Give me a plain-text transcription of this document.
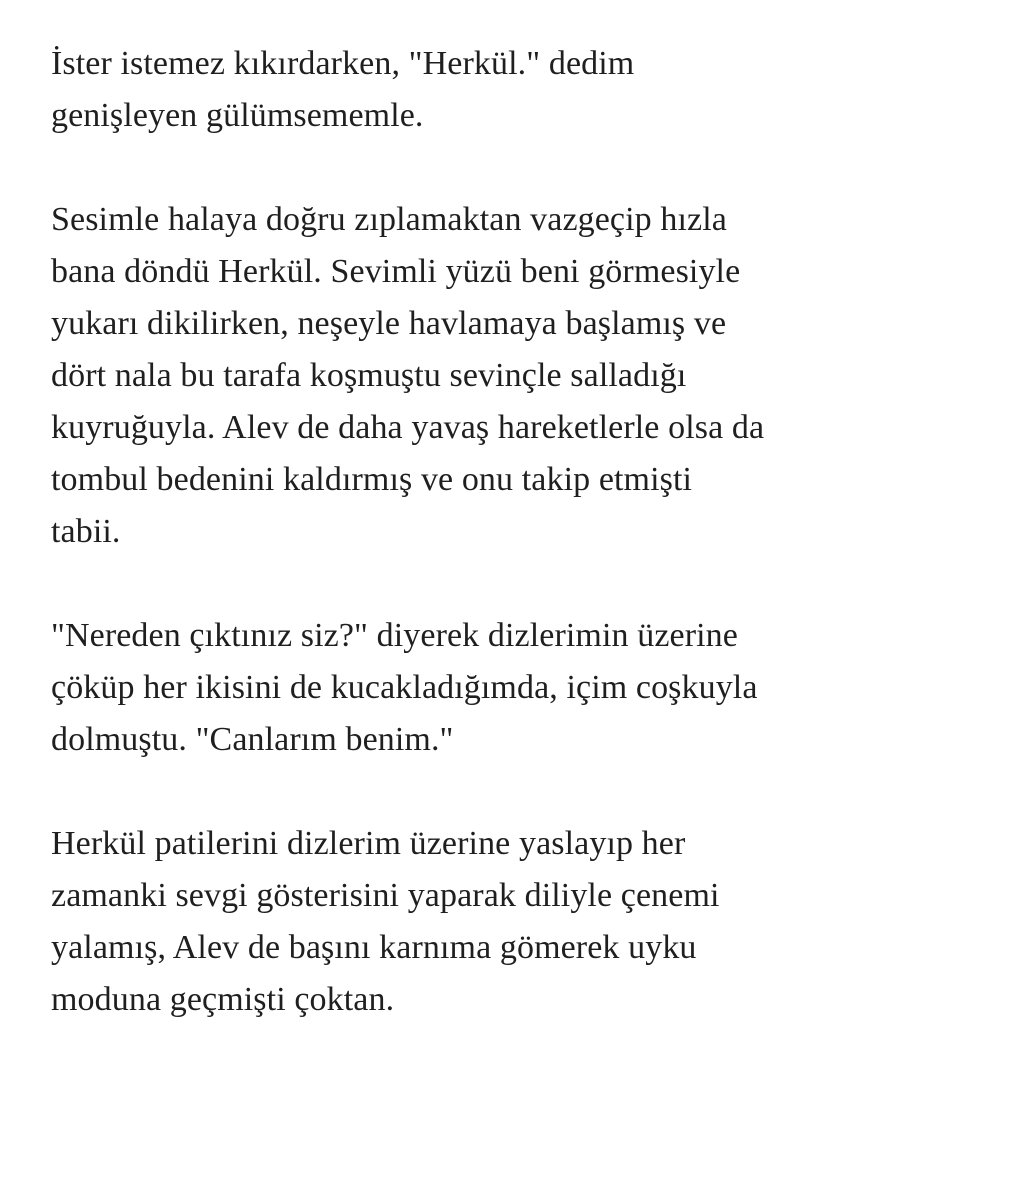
İster istemez kıkırdarken, "Herkül." dedim
genişleyen gülümsememle.

Sesimle halaya doğru zıplamaktan vazgeçip hızla
bana döndü Herkül. Sevimli yüzü beni görmesiyle
yukarı dikilirken, neşeyle havlamaya başlamış ve
dört nala bu tarafa koşmuştu sevinçle salladığı
kuyruğuyla. Alev de daha yavaş hareketlerle olsa da
tombul bedenini kaldırmış ve onu takip etmişti
tabii.

"Nereden çıktınız siz?" diyerek dizlerimin üzerine
çöküp her ikisini de kucakladığımda, içim coşkuyla
dolmuştu. "Canlarım benim."

Herkül patilerini dizlerim üzerine yaslayıp her
zamanki sevgi gösterisini yaparak diliyle çenemi
yalamış, Alev de başını karnıma gömerek uyku
moduna geçmişti çoktan.
